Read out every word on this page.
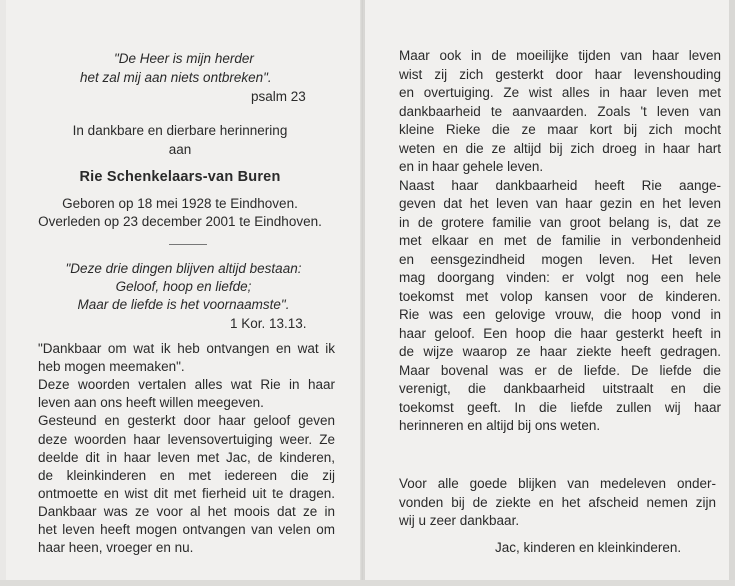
"De Heer is mijn herder
het zal mij aan niets ontbreken".
psalm 23
In dankbare en dierbare herinnering
aan
Rie Schenkelaars-van Buren
Geboren op 18 mei 1928 te Eindhoven.
Overleden op 23 december 2001 te Eindhoven.
"Deze drie dingen blijven altijd bestaan:
Geloof, hoop en liefde;
Maar de liefde is het voornaamste".
1 Kor. 13.13.
"Dankbaar om wat ik heb ontvangen en wat ik
heb mogen meemaken".
Deze woorden vertalen alles wat Rie in haar
leven aan ons heeft willen meegeven.
Gesteund en gesterkt door haar geloof geven
deze woorden haar levensovertuiging weer. Ze
deelde dit in haar leven met Jac, de kinderen,
de kleinkinderen en met iedereen die zij
ontmoette en wist dit met fierheid uit te dragen.
Dankbaar was ze voor al het moois dat ze in
het leven heeft mogen ontvangen van velen om
haar heen, vroeger en nu.
Maar ook in de moeilijke tijden van haar leven
wist zij zich gesterkt door haar levenshouding
en overtuiging. Ze wist alles in haar leven met
dankbaarheid te aanvaarden. Zoals 't leven van
kleine Rieke die ze maar kort bij zich mocht
weten en die ze altijd bij zich droeg in haar hart
en in haar gehele leven.
Naast haar dankbaarheid heeft Rie aange-
geven dat het leven van haar gezin en het leven
in de grotere familie van groot belang is, dat ze
met elkaar en met de familie in verbondenheid
en eensgezindheid mogen leven. Het leven
mag doorgang vinden: er volgt nog een hele
toekomst met volop kansen voor de kinderen.
Rie was een gelovige vrouw, die hoop vond in
haar geloof. Een hoop die haar gesterkt heeft in
de wijze waarop ze haar ziekte heeft gedragen.
Maar bovenal was er de liefde. De liefde die
verenigt, die dankbaarheid uitstraalt en die
toekomst geeft. In die liefde zullen wij haar
herinneren en altijd bij ons weten.
Voor alle goede blijken van medeleven onder-
vonden bij de ziekte en het afscheid nemen zijn
wij u zeer dankbaar.
Jac, kinderen en kleinkinderen.
